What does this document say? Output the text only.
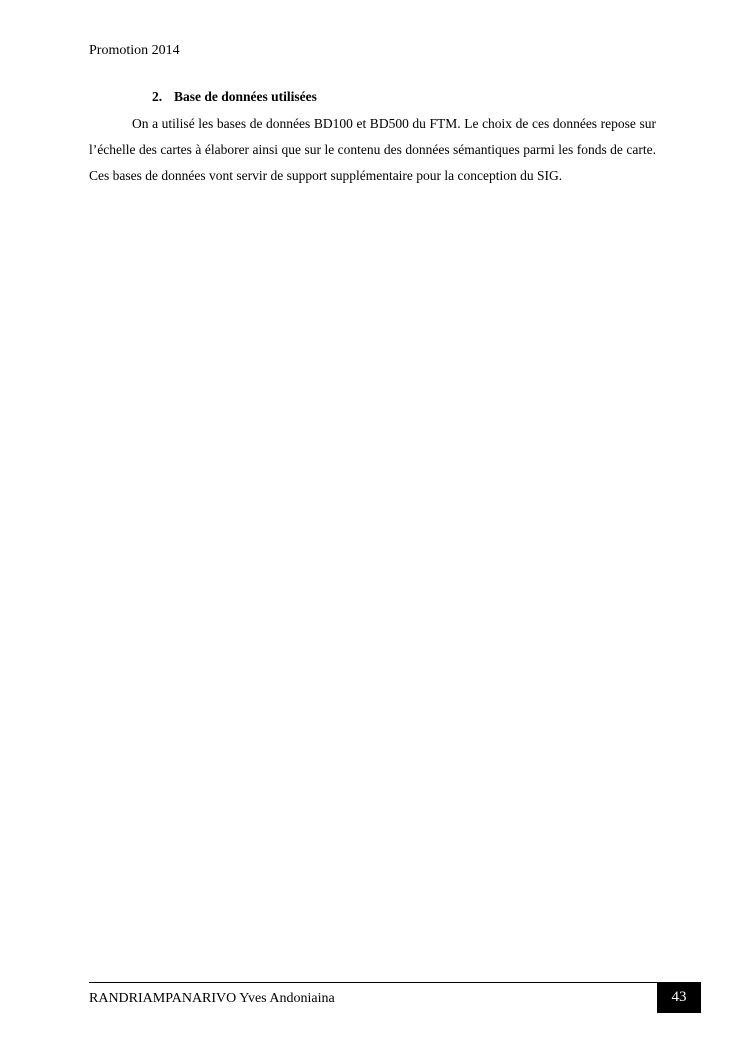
Promotion 2014
2. Base de données utilisées

On a utilisé les bases de données BD100 et BD500 du FTM. Le choix de ces données repose sur l’échelle des cartes à élaborer ainsi que sur le contenu des données sémantiques parmi les fonds de carte. Ces bases de données vont servir de support supplémentaire pour la conception du SIG.

RANDRIAMPANARIVO Yves Andoniaina	43
